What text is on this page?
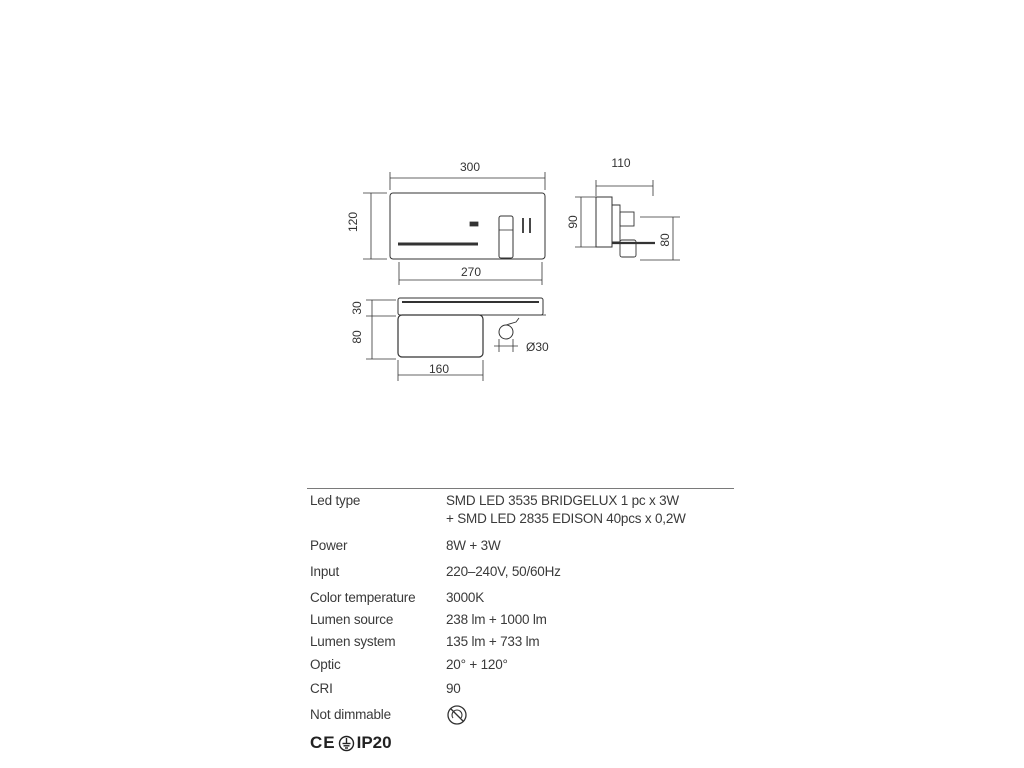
300
120
270
110
90
80
30
80
160
Ø30
Led type	SMD LED 3535 BRIDGELUX 1 pc x 3W
+ SMD LED 2835 EDISON 40pcs x 0,2W
Power	8W + 3W
Input	220–240V, 50/60Hz
Color temperature 3000K
Lumen source	238 lm + 1000 lm
Lumen system	135 lm + 733 lm
Optic	20° + 120°
CRI	90
Not dimmable
CE IP20
